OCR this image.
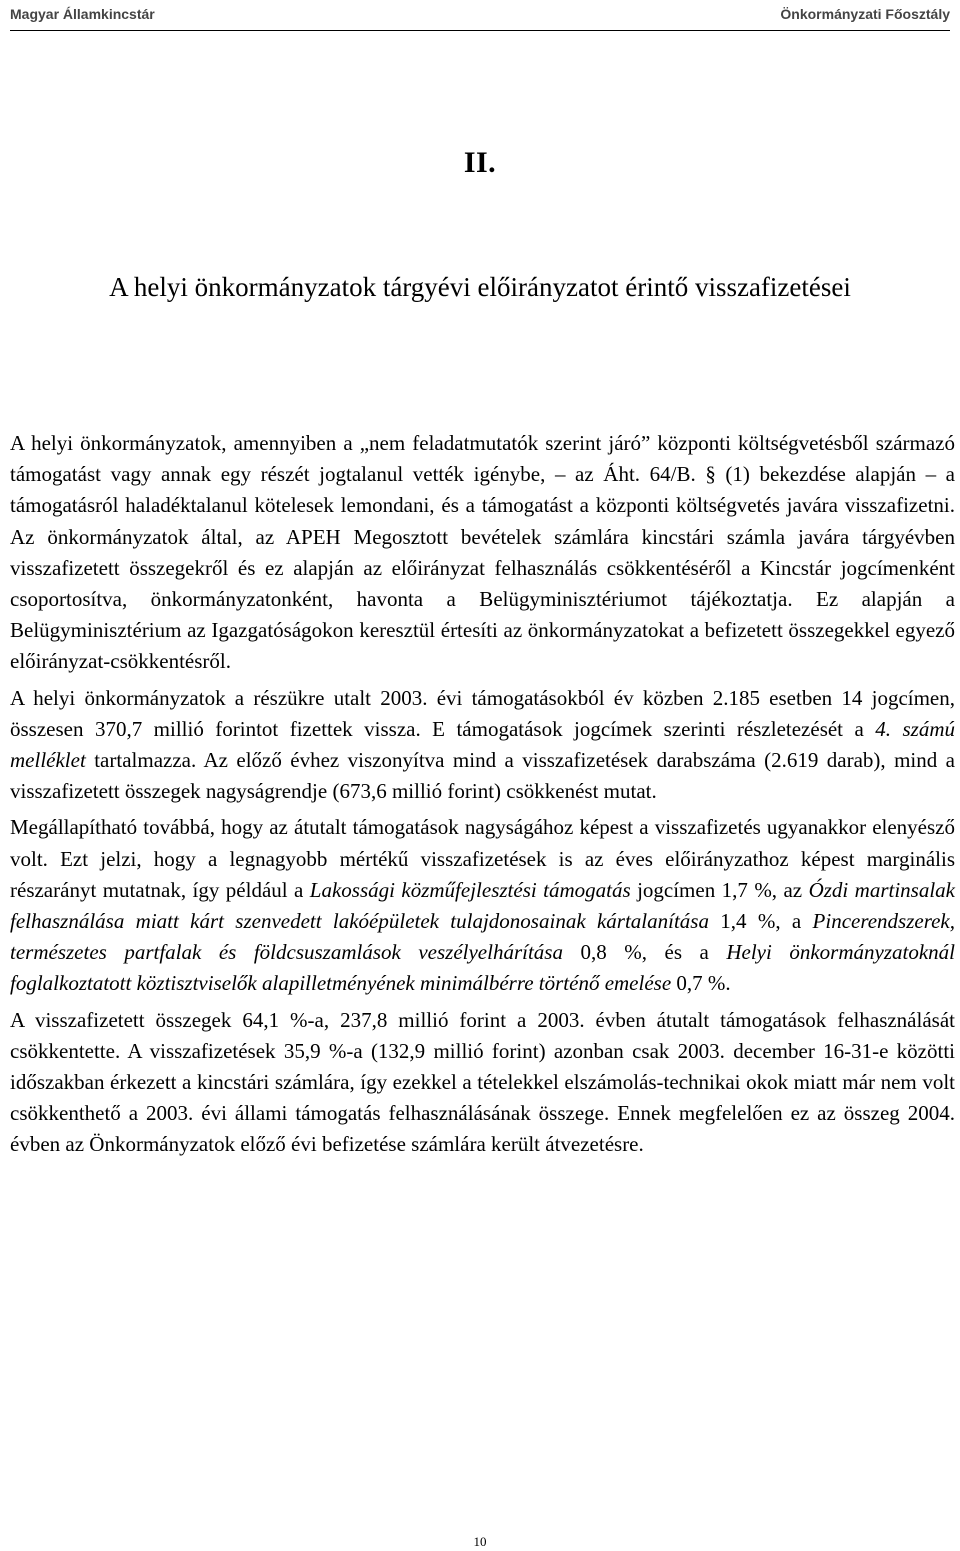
Magyar Államkincstár	Önkormányzati Főosztály
II.
A helyi önkormányzatok tárgyévi előirányzatot érintő visszafizetései

A helyi önkormányzatok, amennyiben a „nem feladatmutatók szerint járó” központi költségvetésből származó támogatást vagy annak egy részét jogtalanul vették igénybe, – az Áht. 64/B. § (1) bekezdése alapján – a támogatásról haladéktalanul kötelesek lemondani, és a támogatást a központi költségvetés javára visszafizetni. Az önkormányzatok által, az APEH Megosztott bevételek számlára kincstári számla javára tárgyévben visszafizetett összegekről és ez alapján az előirányzat felhasználás csökkentéséről a Kincstár jogcímenként csoportosítva, önkormányzatonként, havonta a Belügyminisztériumot tájékoztatja. Ez alapján a Belügyminisztérium az Igazgatóságokon keresztül értesíti az önkormányzatokat a befizetett összegekkel egyező előirányzat-csökkentésről.

A helyi önkormányzatok a részükre utalt 2003. évi támogatásokból év közben 2.185 esetben 14 jogcímen, összesen 370,7 millió forintot fizettek vissza. E támogatások jogcímek szerinti részletezését a 4. számú melléklet tartalmazza. Az előző évhez viszonyítva mind a visszafizetések darabszáma (2.619 darab), mind a visszafizetett összegek nagyságrendje (673,6 millió forint) csökkenést mutat.

Megállapítható továbbá, hogy az átutalt támogatások nagyságához képest a visszafizetés ugyanakkor elenyésző volt. Ezt jelzi, hogy a legnagyobb mértékű visszafizetések is az éves előirányzathoz képest marginális részarányt mutatnak, így például a Lakossági közműfejlesztési támogatás jogcímen 1,7 %, az Ózdi martinsalak felhasználása miatt kárt szenvedett lakóépületek tulajdonosainak kártalanítása 1,4 %, a Pincerendszerek, természetes partfalak és földcsuszamlások veszélyelhárítása 0,8 %, és a Helyi önkormányzatoknál foglalkoztatott köztisztviselők alapilletményének minimálbérre történő emelése 0,7 %.

A visszafizetett összegek 64,1 %-a, 237,8 millió forint a 2003. évben átutalt támogatások felhasználását csökkentette. A visszafizetések 35,9 %-a (132,9 millió forint) azonban csak 2003. december 16-31-e közötti időszakban érkezett a kincstári számlára, így ezekkel a tételekkel elszámolás-technikai okok miatt már nem volt csökkenthető a 2003. évi állami támogatás felhasználásának összege. Ennek megfelelően ez az összeg 2004. évben az Önkormányzatok előző évi befizetése számlára került átvezetésre.

10
